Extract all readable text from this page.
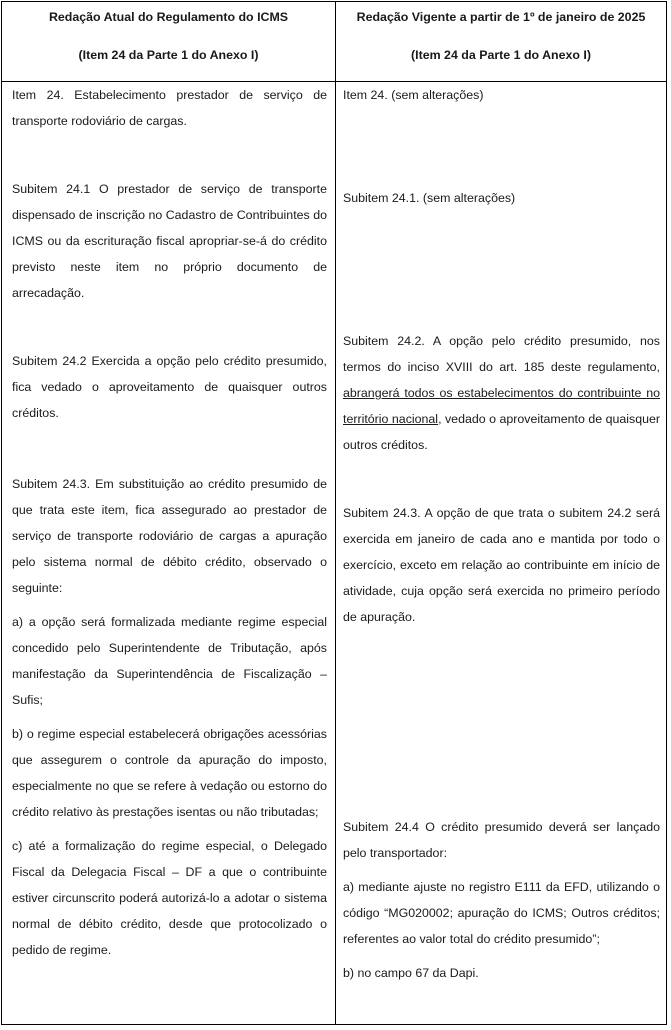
Redação Atual do Regulamento do ICMS
(Item 24 da Parte 1 do Anexo I)
Redação Vigente a partir de 1º de janeiro de 2025
(Item 24 da Parte 1 do Anexo I)

Item 24. Estabelecimento prestador de serviço de transporte rodoviário de cargas.

Subitem 24.1 O prestador de serviço de transporte dispensado de inscrição no Cadastro de Contribuintes do ICMS ou da escrituração fiscal apropriar-se-á do crédito previsto neste item no próprio documento de arrecadação.

Subitem 24.2 Exercida a opção pelo crédito presumido, fica vedado o aproveitamento de quaisquer outros créditos.

Subitem 24.3. Em substituição ao crédito presumido de que trata este item, fica assegurado ao prestador de serviço de transporte rodoviário de cargas a apuração pelo sistema normal de débito crédito, observado o seguinte:

a) a opção será formalizada mediante regime especial concedido pelo Superintendente de Tributação, após manifestação da Superintendência de Fiscalização – Sufis;

b) o regime especial estabelecerá obrigações acessórias que assegurem o controle da apuração do imposto, especialmente no que se refere à vedação ou estorno do crédito relativo às prestações isentas ou não tributadas;

c) até a formalização do regime especial, o Delegado Fiscal da Delegacia Fiscal – DF a que o contribuinte estiver circunscrito poderá autorizá-lo a adotar o sistema normal de débito crédito, desde que protocolizado o pedido de regime.

Item 24. (sem alterações)

Subitem 24.1. (sem alterações)

Subitem 24.2. A opção pelo crédito presumido, nos termos do inciso XVIII do art. 185 deste regulamento, abrangerá todos os estabelecimentos do contribuinte no território nacional, vedado o aproveitamento de quaisquer outros créditos.

Subitem 24.3. A opção de que trata o subitem 24.2 será exercida em janeiro de cada ano e mantida por todo o exercício, exceto em relação ao contribuinte em início de atividade, cuja opção será exercida no primeiro período de apuração.

Subitem 24.4 O crédito presumido deverá ser lançado pelo transportador:

a) mediante ajuste no registro E111 da EFD, utilizando o código “MG020002; apuração do ICMS; Outros créditos; referentes ao valor total do crédito presumido”;

b) no campo 67 da Dapi.
